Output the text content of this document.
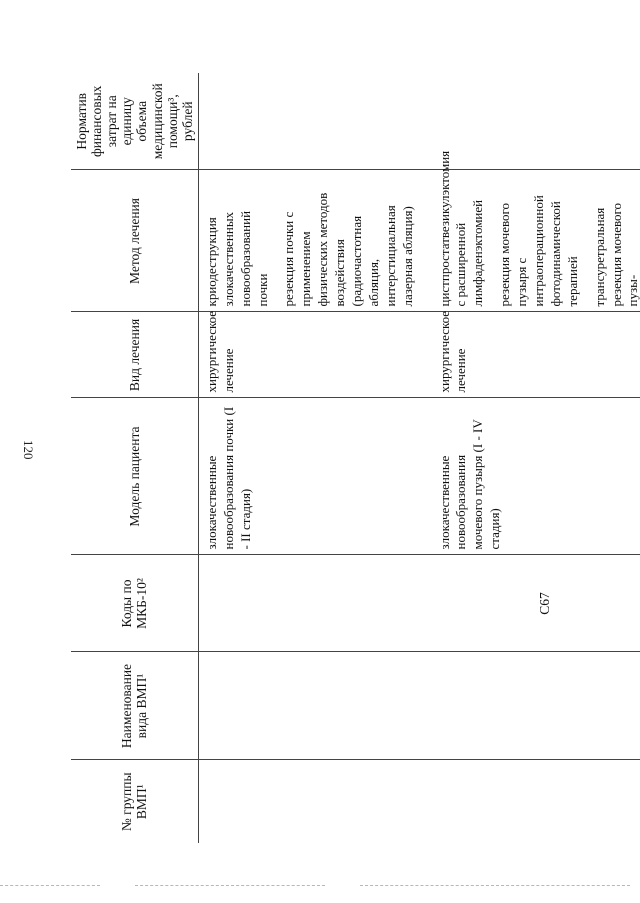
120
№ группы ВМП¹	Наименование вида ВМП¹	Коды по МКБ-10²	Модель пациента	Вид лечения	Метод лечения	Норматив финансовых затрат на единицу объема медицинской помощи³, рублей
			злокачественные новообразования почки (I - II стадия)	хирургическое лечение	криодеструкция злокачественных новообразований почки резекция почки с применением физических методов воздействия (радиочастотная абляция, интерстициальная лазерная абляция)	

		C67	злокачественные новообразования мочевого пузыря (I - IV стадия)	хирургическое лечение	цистпростатвезикулэктомия с расширенной лимфаденэктомией резекция мочевого пузыря с интраоперационной фотодинамической терапией трансуретральная резекция мочевого пузы-	
